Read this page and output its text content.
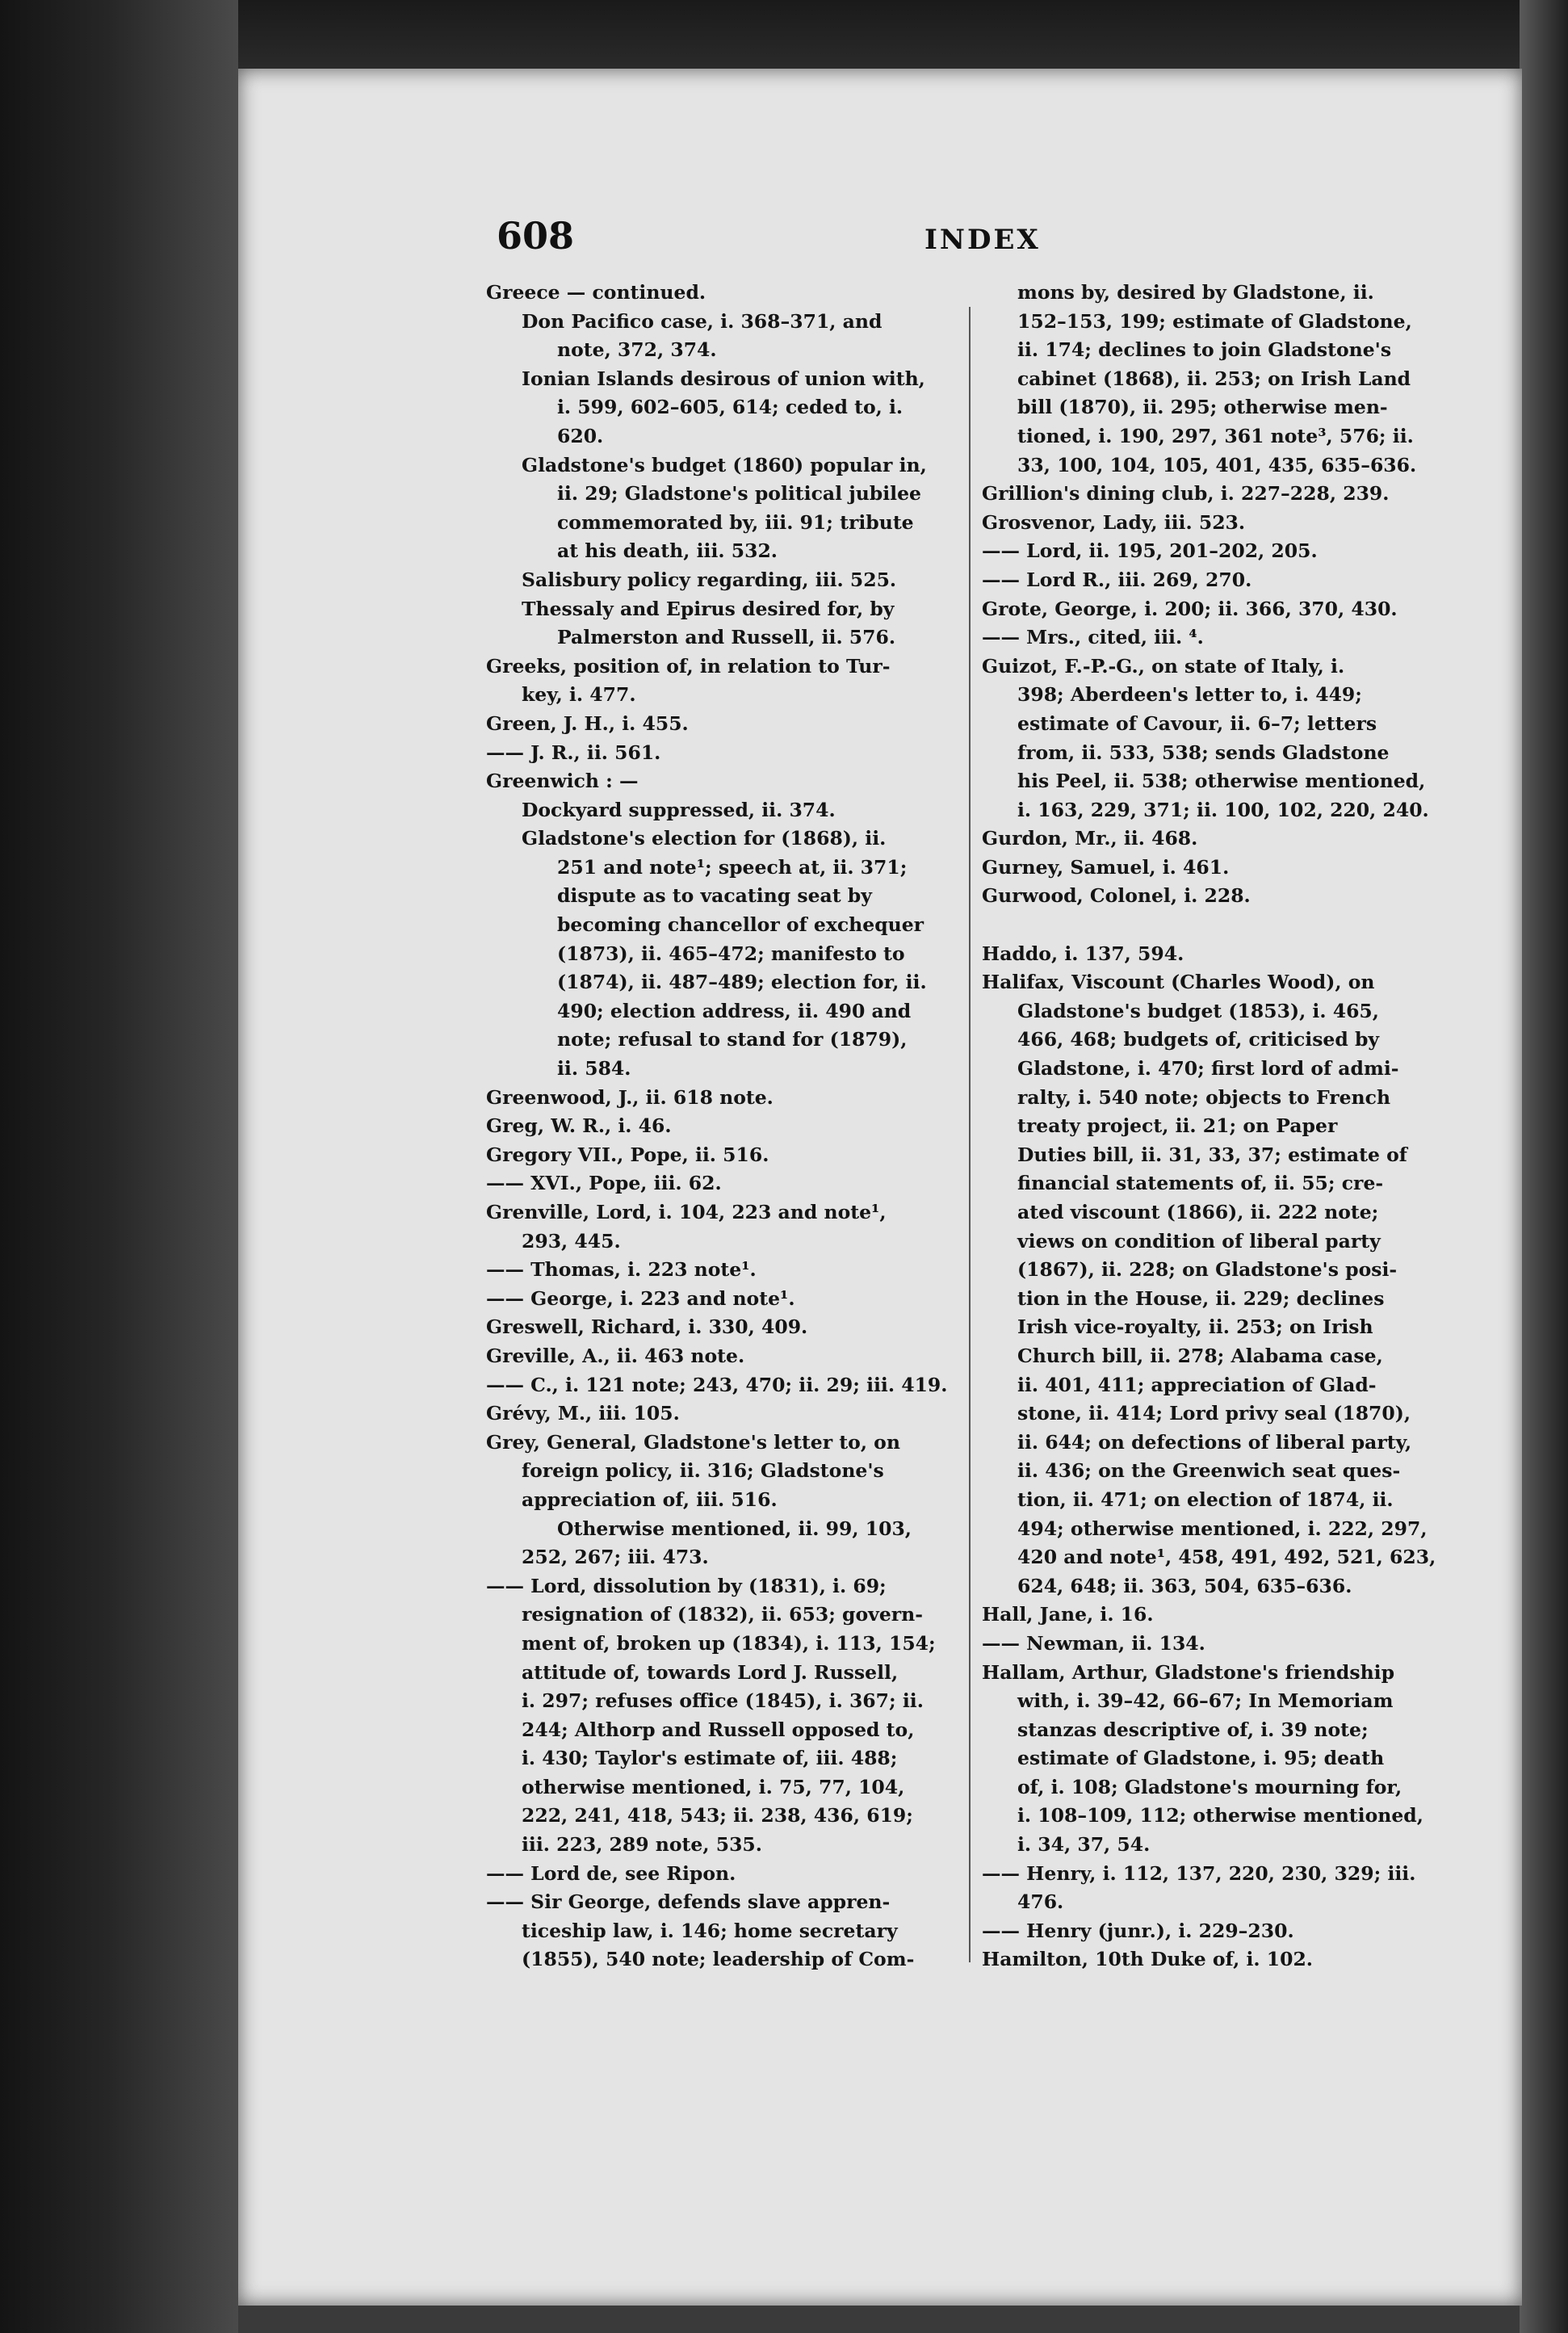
608	INDEX
Greece — continued.
Don Pacifico case, i. 368–371, and
note, 372, 374.
Ionian Islands desirous of union with,
i. 599, 602–605, 614; ceded to, i.
620.
Gladstone's budget (1860) popular in,
ii. 29; Gladstone's political jubilee
commemorated by, iii. 91; tribute
at his death, iii. 532.
Salisbury policy regarding, iii. 525.
Thessaly and Epirus desired for, by
Palmerston and Russell, ii. 576.
Greeks, position of, in relation to Tur-
key, i. 477.
Green, J. H., i. 455.
—— J. R., ii. 561.
Greenwich : —
Dockyard suppressed, ii. 374.
Gladstone's election for (1868), ii.
251 and note¹; speech at, ii. 371;
dispute as to vacating seat by
becoming chancellor of exchequer
(1873), ii. 465–472; manifesto to
(1874), ii. 487–489; election for, ii.
490; election address, ii. 490 and
note; refusal to stand for (1879),
ii. 584.
Greenwood, J., ii. 618 note.
Greg, W. R., i. 46.
Gregory VII., Pope, ii. 516.
—— XVI., Pope, iii. 62.
Grenville, Lord, i. 104, 223 and note¹,
293, 445.
—— Thomas, i. 223 note¹.
—— George, i. 223 and note¹.
Greswell, Richard, i. 330, 409.
Greville, A., ii. 463 note.
—— C., i. 121 note; 243, 470; ii. 29; iii. 419.
Grévy, M., iii. 105.
Grey, General, Gladstone's letter to, on
foreign policy, ii. 316; Gladstone's
appreciation of, iii. 516.
Otherwise mentioned, ii. 99, 103,
252, 267; iii. 473.
—— Lord, dissolution by (1831), i. 69;
resignation of (1832), ii. 653; govern-
ment of, broken up (1834), i. 113, 154;
attitude of, towards Lord J. Russell,
i. 297; refuses office (1845), i. 367; ii.
244; Althorp and Russell opposed to,
i. 430; Taylor's estimate of, iii. 488;
otherwise mentioned, i. 75, 77, 104,
222, 241, 418, 543; ii. 238, 436, 619;
iii. 223, 289 note, 535.
—— Lord de, see Ripon.
—— Sir George, defends slave appren-
ticeship law, i. 146; home secretary
(1855), 540 note; leadership of Com-
mons by, desired by Gladstone, ii.
152–153, 199; estimate of Gladstone,
ii. 174; declines to join Gladstone's
cabinet (1868), ii. 253; on Irish Land
bill (1870), ii. 295; otherwise men-
tioned, i. 190, 297, 361 note³, 576; ii.
33, 100, 104, 105, 401, 435, 635–636.
Grillion's dining club, i. 227–228, 239.
Grosvenor, Lady, iii. 523.
—— Lord, ii. 195, 201–202, 205.
—— Lord R., iii. 269, 270.
Grote, George, i. 200; ii. 366, 370, 430.
—— Mrs., cited, iii. ⁴.
Guizot, F.-P.-G., on state of Italy, i.
398; Aberdeen's letter to, i. 449;
estimate of Cavour, ii. 6–7; letters
from, ii. 533, 538; sends Gladstone
his Peel, ii. 538; otherwise mentioned,
i. 163, 229, 371; ii. 100, 102, 220, 240.
Gurdon, Mr., ii. 468.
Gurney, Samuel, i. 461.
Gurwood, Colonel, i. 228.
Haddo, i. 137, 594.
Halifax, Viscount (Charles Wood), on
Gladstone's budget (1853), i. 465,
466, 468; budgets of, criticised by
Gladstone, i. 470; first lord of admi-
ralty, i. 540 note; objects to French
treaty project, ii. 21; on Paper
Duties bill, ii. 31, 33, 37; estimate of
financial statements of, ii. 55; cre-
ated viscount (1866), ii. 222 note;
views on condition of liberal party
(1867), ii. 228; on Gladstone's posi-
tion in the House, ii. 229; declines
Irish vice-royalty, ii. 253; on Irish
Church bill, ii. 278; Alabama case,
ii. 401, 411; appreciation of Glad-
stone, ii. 414; Lord privy seal (1870),
ii. 644; on defections of liberal party,
ii. 436; on the Greenwich seat ques-
tion, ii. 471; on election of 1874, ii.
494; otherwise mentioned, i. 222, 297,
420 and note¹, 458, 491, 492, 521, 623,
624, 648; ii. 363, 504, 635–636.
Hall, Jane, i. 16.
—— Newman, ii. 134.
Hallam, Arthur, Gladstone's friendship
with, i. 39–42, 66–67; In Memoriam
stanzas descriptive of, i. 39 note;
estimate of Gladstone, i. 95; death
of, i. 108; Gladstone's mourning for,
i. 108–109, 112; otherwise mentioned,
i. 34, 37, 54.
—— Henry, i. 112, 137, 220, 230, 329; iii.
476.
—— Henry (junr.), i. 229–230.
Hamilton, 10th Duke of, i. 102.
